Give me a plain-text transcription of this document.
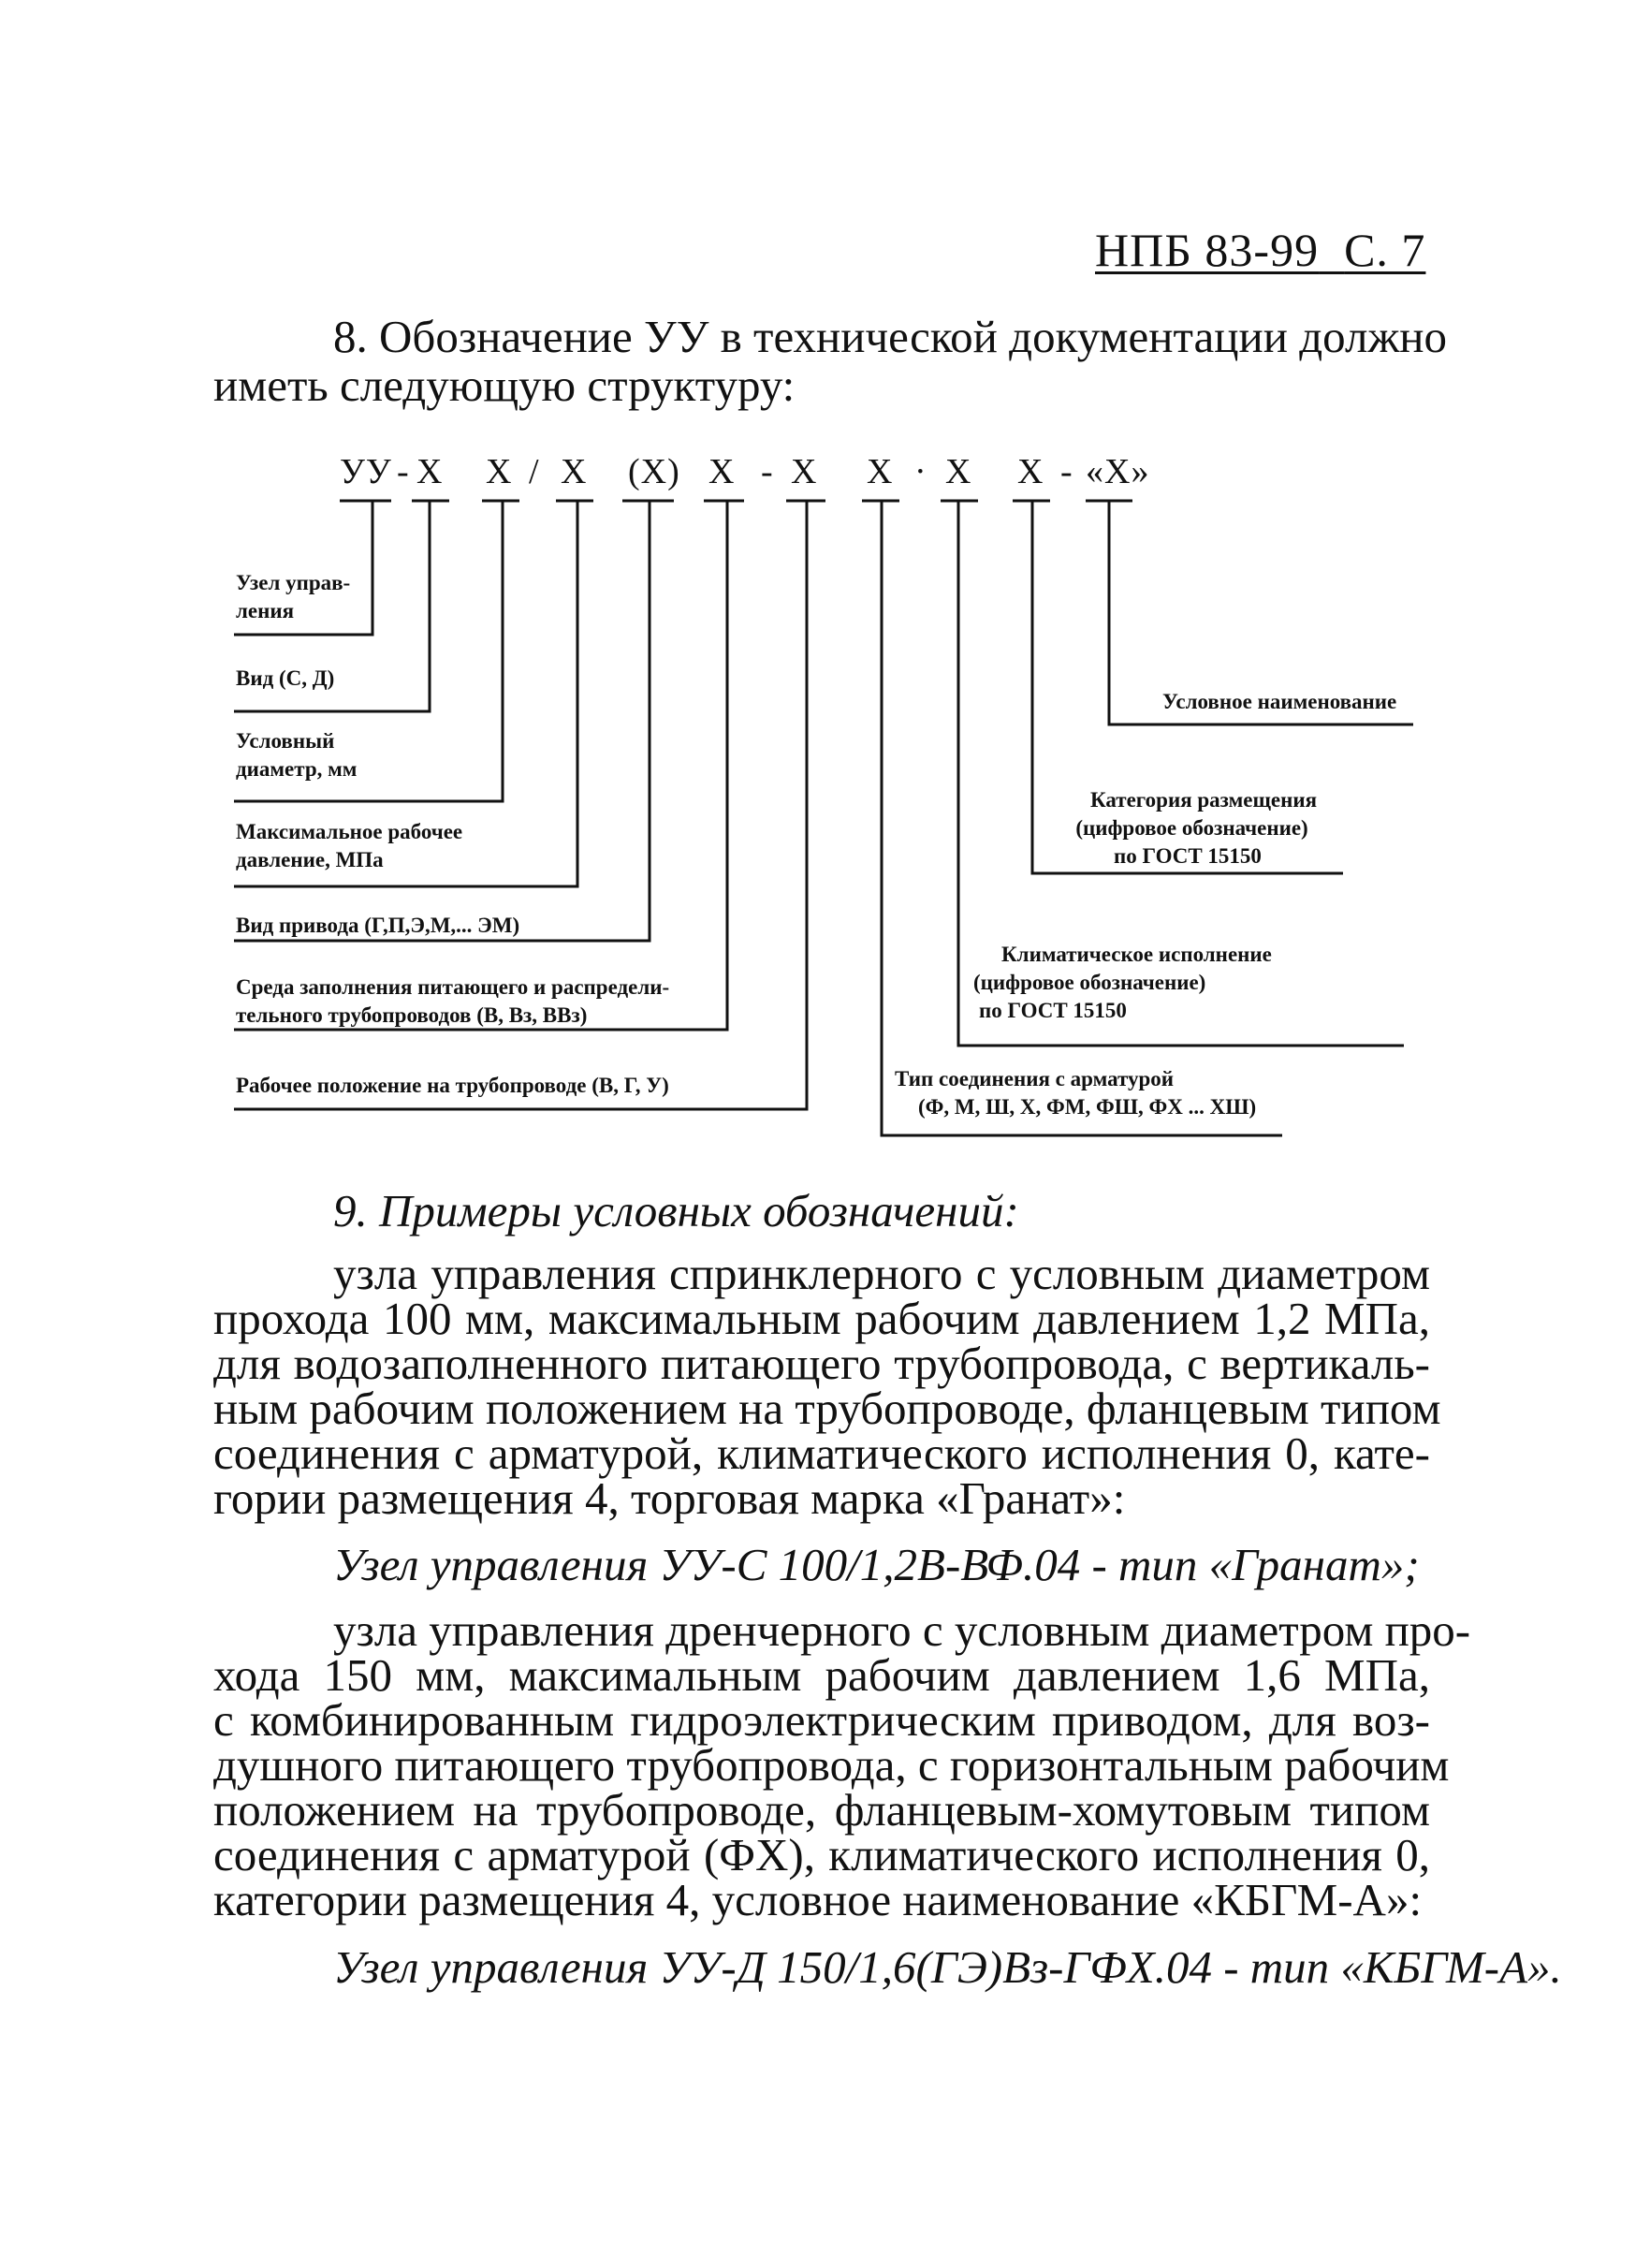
НПБ 83-99 С. 7
8. Обозначение УУ в технической документации должно
иметь следующую структуру:
УУ - Х Х / Х (Х) Х - Х Х · Х Х - «Х»
Узел управ-
ления
Вид (С, Д)
Условный
диаметр, мм
Максимальное рабочее
давление, МПа
Вид привода (Г,П,Э,М,... ЭМ)
Среда заполнения питающего и распредели-
тельного трубопроводов (В, Вз, ВВз)
Рабочее положение на трубопроводе (В, Г, У)
Условное наименование
Категория размещения
(цифровое обозначение)
по ГОСТ 15150
Климатическое исполнение
(цифровое обозначение)
по ГОСТ 15150
Тип соединения с арматурой
(Ф, М, Ш, Х, ФМ, ФШ, ФХ ... ХШ)
9. Примеры условных обозначений:
узла управления спринклерного с условным диаметром
прохода 100 мм, максимальным рабочим давлением 1,2 МПа,
для водозаполненного питающего трубопровода, с вертикаль-
ным рабочим положением на трубопроводе, фланцевым типом
соединения с арматурой, климатического исполнения 0, кате-
гории размещения 4, торговая марка «Гранат»:
Узел управления УУ-С 100/1,2В-ВФ.04 - тип «Гранат»;
узла управления дренчерного с условным диаметром про-
хода 150 мм, максимальным рабочим давлением 1,6 МПа,
с комбинированным гидроэлектрическим приводом, для воз-
душного питающего трубопровода, с горизонтальным рабочим
положением на трубопроводе, фланцевым-хомутовым типом
соединения с арматурой (ФХ), климатического исполнения 0,
категории размещения 4, условное наименование «КБГМ-А»:
Узел управления УУ-Д 150/1,6(ГЭ)Вз-ГФХ.04 - тип «КБГМ-А».
